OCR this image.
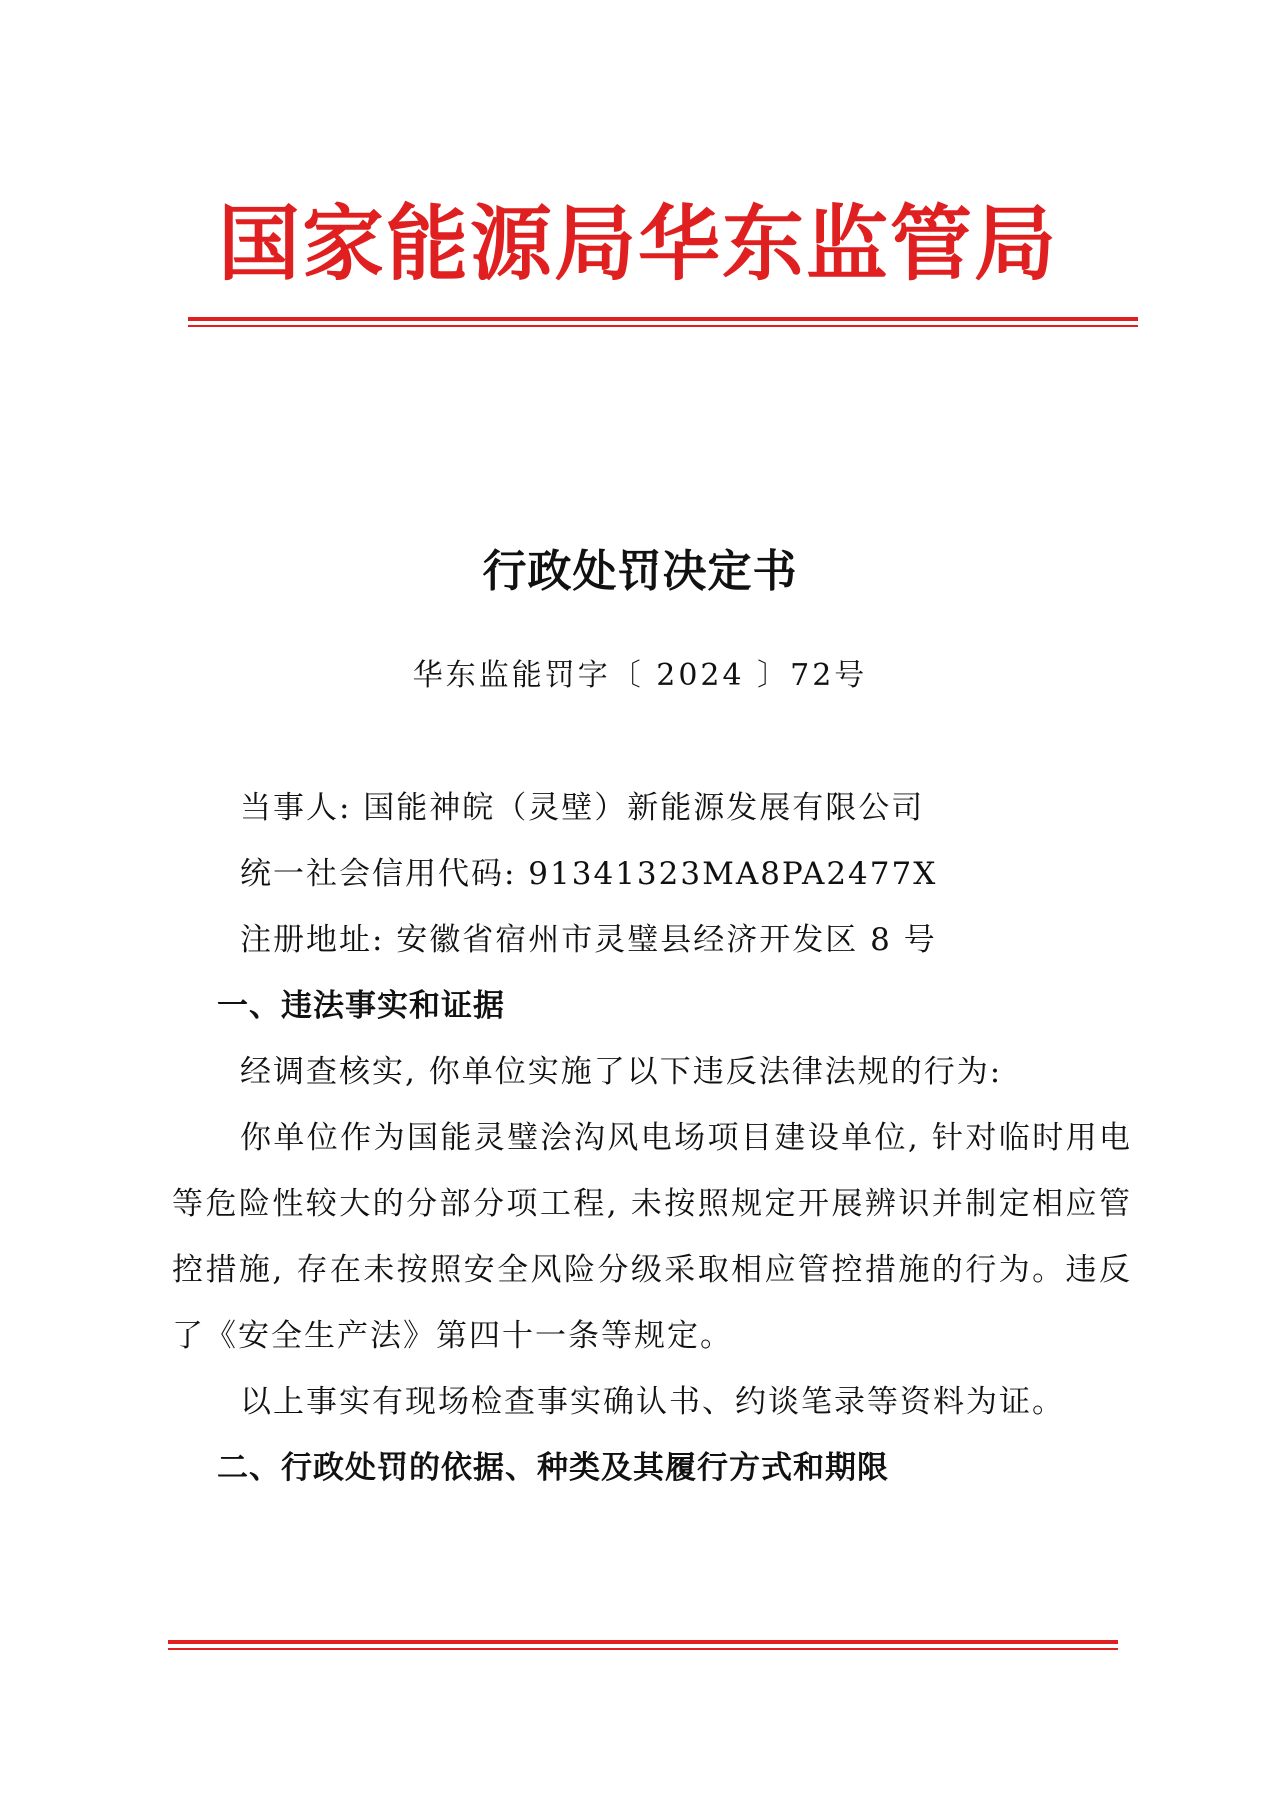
国家能源局华东监管局
行政处罚决定书
华东监能罚字〔 2024 〕72号
当事人: 国能神皖（灵壁）新能源发展有限公司
统一社会信用代码: 91341323MA8PA2477X
注册地址: 安徽省宿州市灵璧县经济开发区 8 号
一、违法事实和证据
经调查核实, 你单位实施了以下违反法律法规的行为:
你单位作为国能灵璧浍沟风电场项目建设单位, 针对临时用电等危险性较大的分部分项工程, 未按照规定开展辨识并制定相应管控措施, 存在未按照安全风险分级采取相应管控措施的行为。违反了《安全生产法》第四十一条等规定。
以上事实有现场检查事实确认书、约谈笔录等资料为证。
二、行政处罚的依据、种类及其履行方式和期限
